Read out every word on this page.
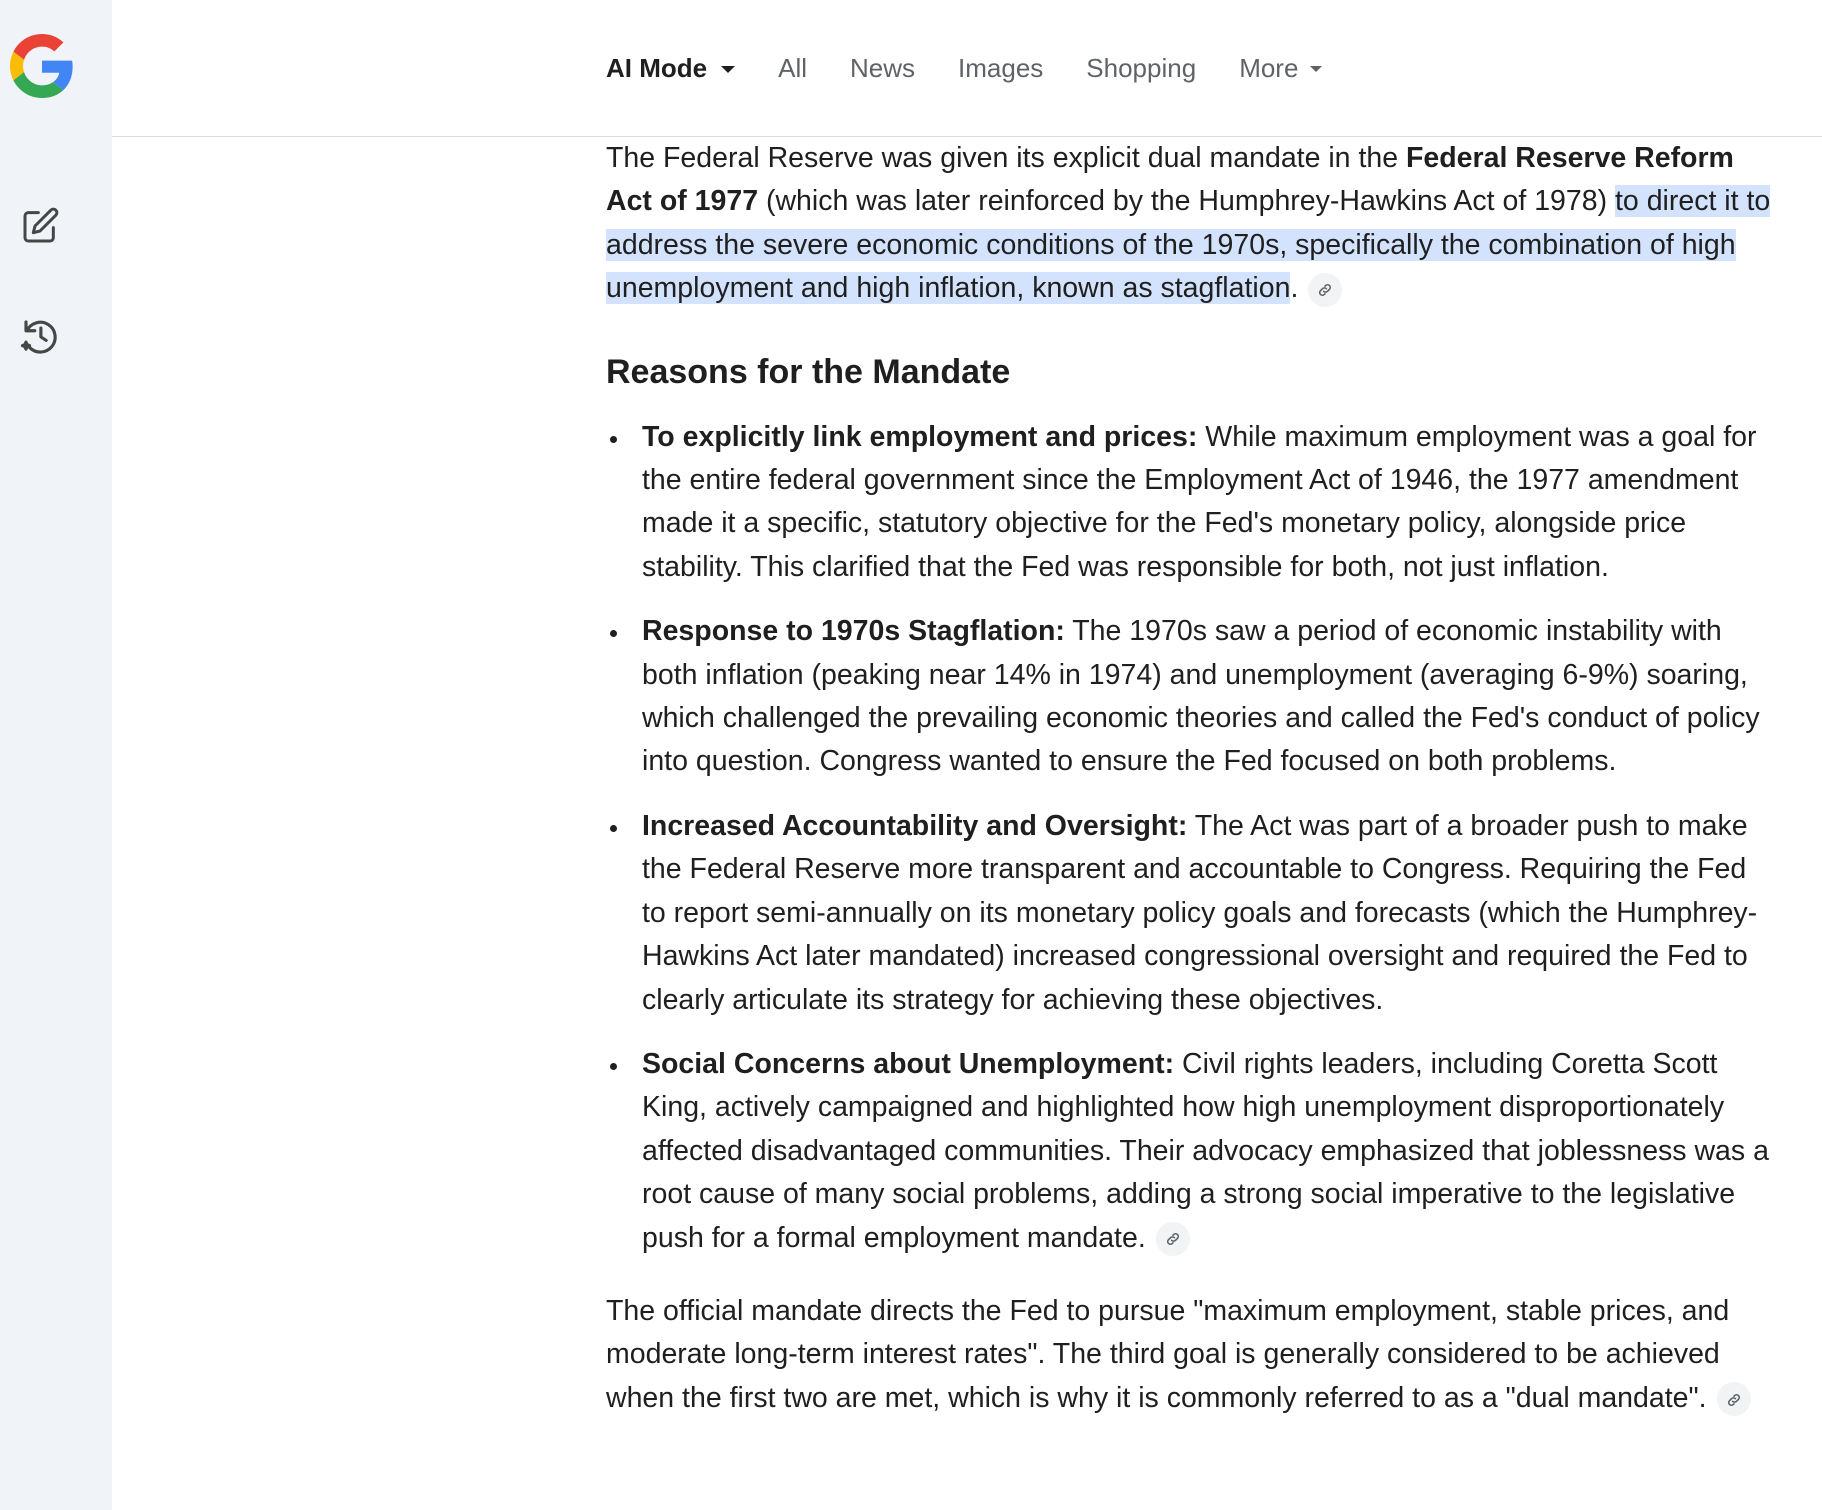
AI Mode	All News Images Shopping More

The Federal Reserve was given its explicit dual mandate in the Federal Reserve Reform Act of 1977 (which was later reinforced by the Humphrey-Hawkins Act of 1978) to direct it to address the severe economic conditions of the 1970s, specifically the combination of high unemployment and high inflation, known as stagflation.

Reasons for the Mandate
To explicitly link employment and prices: While maximum employment was a goal for the entire federal government since the Employment Act of 1946, the 1977 amendment made it a specific, statutory objective for the Fed's monetary policy, alongside price stability. This clarified that the Fed was responsible for both, not just inflation.
Response to 1970s Stagflation: The 1970s saw a period of economic instability with both inflation (peaking near 14% in 1974) and unemployment (averaging 6-9%) soaring, which challenged the prevailing economic theories and called the Fed's conduct of policy into question. Congress wanted to ensure the Fed focused on both problems.
Increased Accountability and Oversight: The Act was part of a broader push to make the Federal Reserve more transparent and accountable to Congress. Requiring the Fed to report semi-annually on its monetary policy goals and forecasts (which the Humphrey-Hawkins Act later mandated) increased congressional oversight and required the Fed to clearly articulate its strategy for achieving these objectives.
Social Concerns about Unemployment: Civil rights leaders, including Coretta Scott King, actively campaigned and highlighted how high unemployment disproportionately affected disadvantaged communities. Their advocacy emphasized that joblessness was a root cause of many social problems, adding a strong social imperative to the legislative push for a formal employment mandate.

The official mandate directs the Fed to pursue "maximum employment, stable prices, and moderate long-term interest rates". The third goal is generally considered to be achieved when the first two are met, which is why it is commonly referred to as a "dual mandate".
